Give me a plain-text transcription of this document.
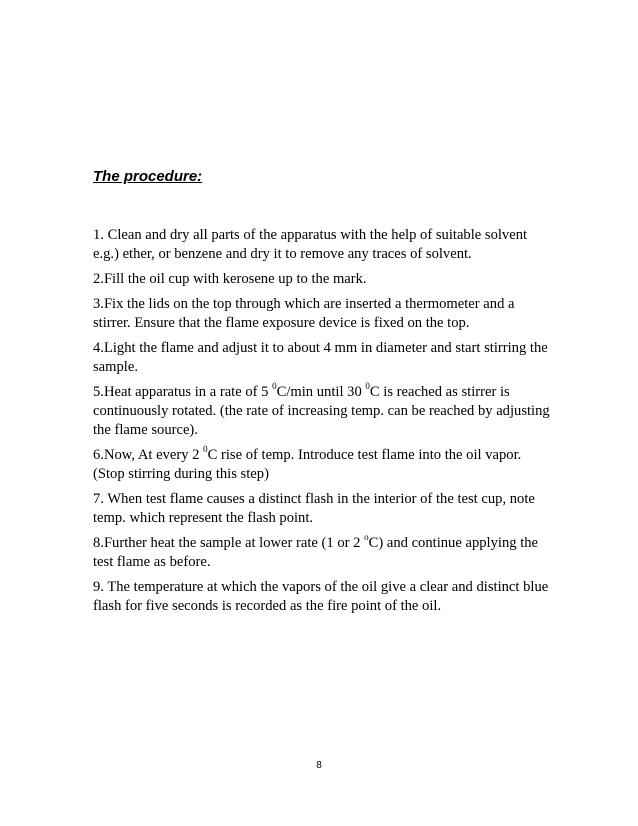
The procedure:
1. Clean and dry all parts of the apparatus with the help of suitable solvent e.g.) ether, or benzene and dry it to remove any traces of solvent.
2.Fill the oil cup with kerosene up to the mark.
3.Fix the lids on the top through which are inserted a thermometer and a stirrer. Ensure that the flame exposure device is fixed on the top.
4.Light the flame and adjust it to about 4 mm in diameter and start stirring the sample.
5.Heat apparatus in a rate of 5 $^0$C/min until 30 $^0$C is reached as stirrer is continuously rotated. (the rate of increasing temp. can be reached by adjusting the flame source).
6.Now, At every 2 $^0$C rise of temp. Introduce test flame into the oil vapor. (Stop stirring during this step)
7. When test flame causes a distinct flash in the interior of the test cup, note temp. which represent the flash point.
8.Further heat the sample at lower rate (1 or 2 $^o$C) and continue applying the test flame as before.
9. The temperature at which the vapors of the oil give a clear and distinct blue flash for five seconds is recorded as the fire point of the oil.
8
